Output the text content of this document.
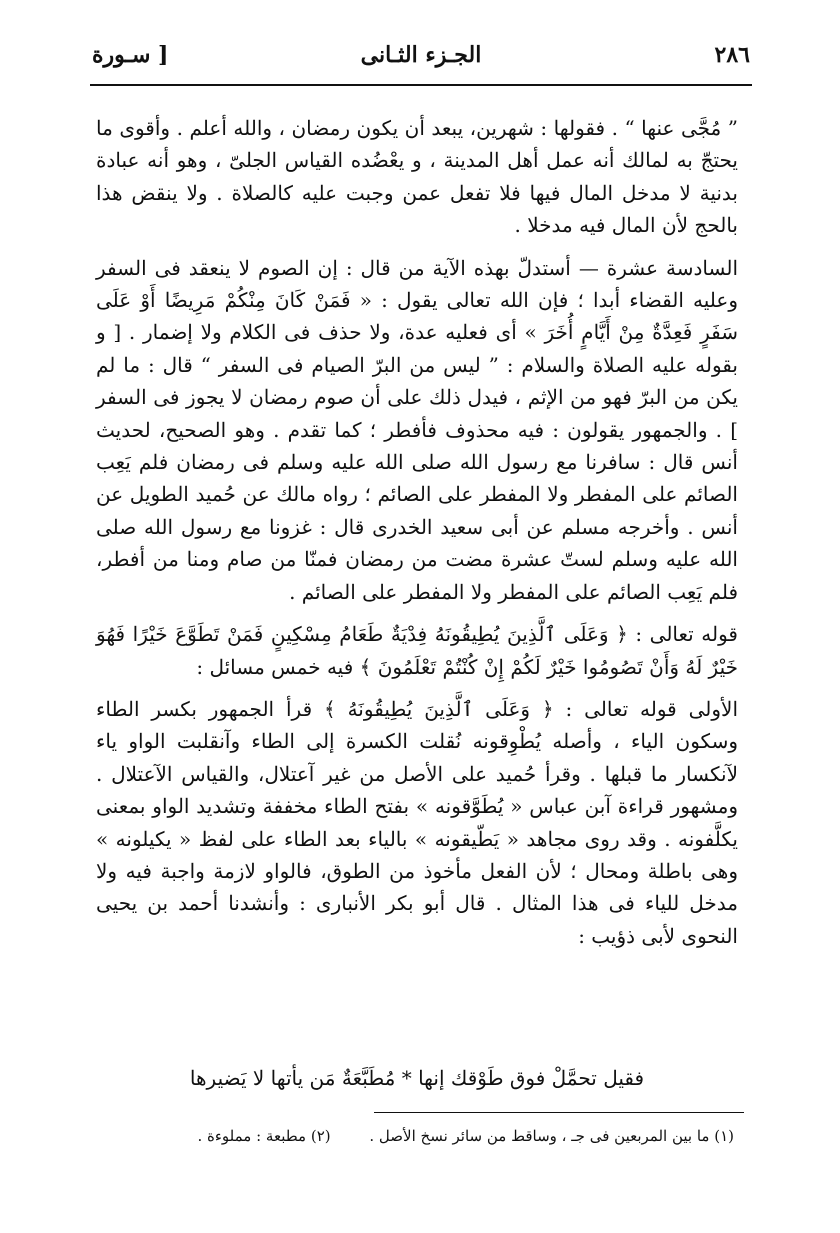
٢٨٦
الجـزء الثـانى
[ سـورة

” مُجَّى عنها “ . فقولها : شهرين، يبعد أن يكون رمضان ، والله أعلم . وأقوى ما يحتجّ به لمالك أنه عمل أهل المدينة ، و يعْضُده القياس الجلىّ ، وهو أنه عبادة بدنية لا مدخل المال فيها فلا تفعل عمن وجبت عليه كالصلاة . ولا ينقض هذا بالحج لأن المال فيه مدخلا .

السادسة عشرة — أستدلّ بهذه الآية من قال : إن الصوم لا ينعقد فى السفر وعليه القضاء أبدا ؛ فإن الله تعالى يقول : « فَمَنْ كَانَ مِنْكُمْ مَرِيضًا أَوْ عَلَى سَفَرٍ فَعِدَّةٌ مِنْ أَيَّامٍ أُخَرَ » أى فعليه عدة، ولا حذف فى الكلام ولا إضمار . [ و بقوله عليه الصلاة والسلام : ” ليس من البرّ الصيام فى السفر “ قال : ما لم يكن من البرّ فهو من الإثم ، فيدل ذلك على أن صوم رمضان لا يجوز فى السفر ] . والجمهور يقولون : فيه محذوف فأفطر ؛ كما تقدم . وهو الصحيح، لحديث أنس قال : سافرنا مع رسول الله صلى الله عليه وسلم فى رمضان فلم يَعِب الصائم على المفطر ولا المفطر على الصائم ؛ رواه مالك عن حُميد الطويل عن أنس . وأخرجه مسلم عن أبى سعيد الخدرى قال : غزونا مع رسول الله صلى الله عليه وسلم لستّ عشرة مضت من رمضان فمنّا من صام ومنا من أفطر، فلم يَعِب الصائم على المفطر ولا المفطر على الصائم .

قوله تعالى : ﴿ وَعَلَى ٱلَّذِينَ يُطِيقُونَهُ فِدْيَةٌ طَعَامُ مِسْكِينٍ فَمَنْ تَطَوَّعَ خَيْرًا فَهُوَ خَيْرٌ لَهُ وَأَنْ تَصُومُوا خَيْرٌ لَكُمْ إِنْ كُنْتُمْ تَعْلَمُونَ ﴾ فيه خمس مسائل :

الأولى قوله تعالى : ﴿ وَعَلَى ٱلَّذِينَ يُطِيقُونَهُ ﴾ قرأ الجمهور بكسر الطاء وسكون الياء ، وأصله يُطْوِقونه نُقلت الكسرة إلى الطاء وآنقلبت الواو ياء لآنكسار ما قبلها . وقرأ حُميد على الأصل من غير آعتلال، والقياس الآعتلال . ومشهور قراءة آبن عباس « يُطَوَّقونه » بفتح الطاء مخففة وتشديد الواو بمعنى يكلَّفونه . وقد روى مجاهد « يَطّيقونه » بالياء بعد الطاء على لفظ « يكيلونه » وهى باطلة ومحال ؛ لأن الفعل مأخوذ من الطوق، فالواو لازمة واجبة فيه ولا مدخل للياء فى هذا المثال . قال أبو بكر الأنبارى : وأنشدنا أحمد بن يحيى النحوى لأبى ذؤيب :

فقيل تحمَّلْ فوق طَوْقك إنها * مُطَبَّعَةٌ مَن يأتها لا يَضيرها
(١) ما بين المربعين فى جـ ، وساقط من سائر نسخ الأصل . (٢) مطبعة : مملوءة .
